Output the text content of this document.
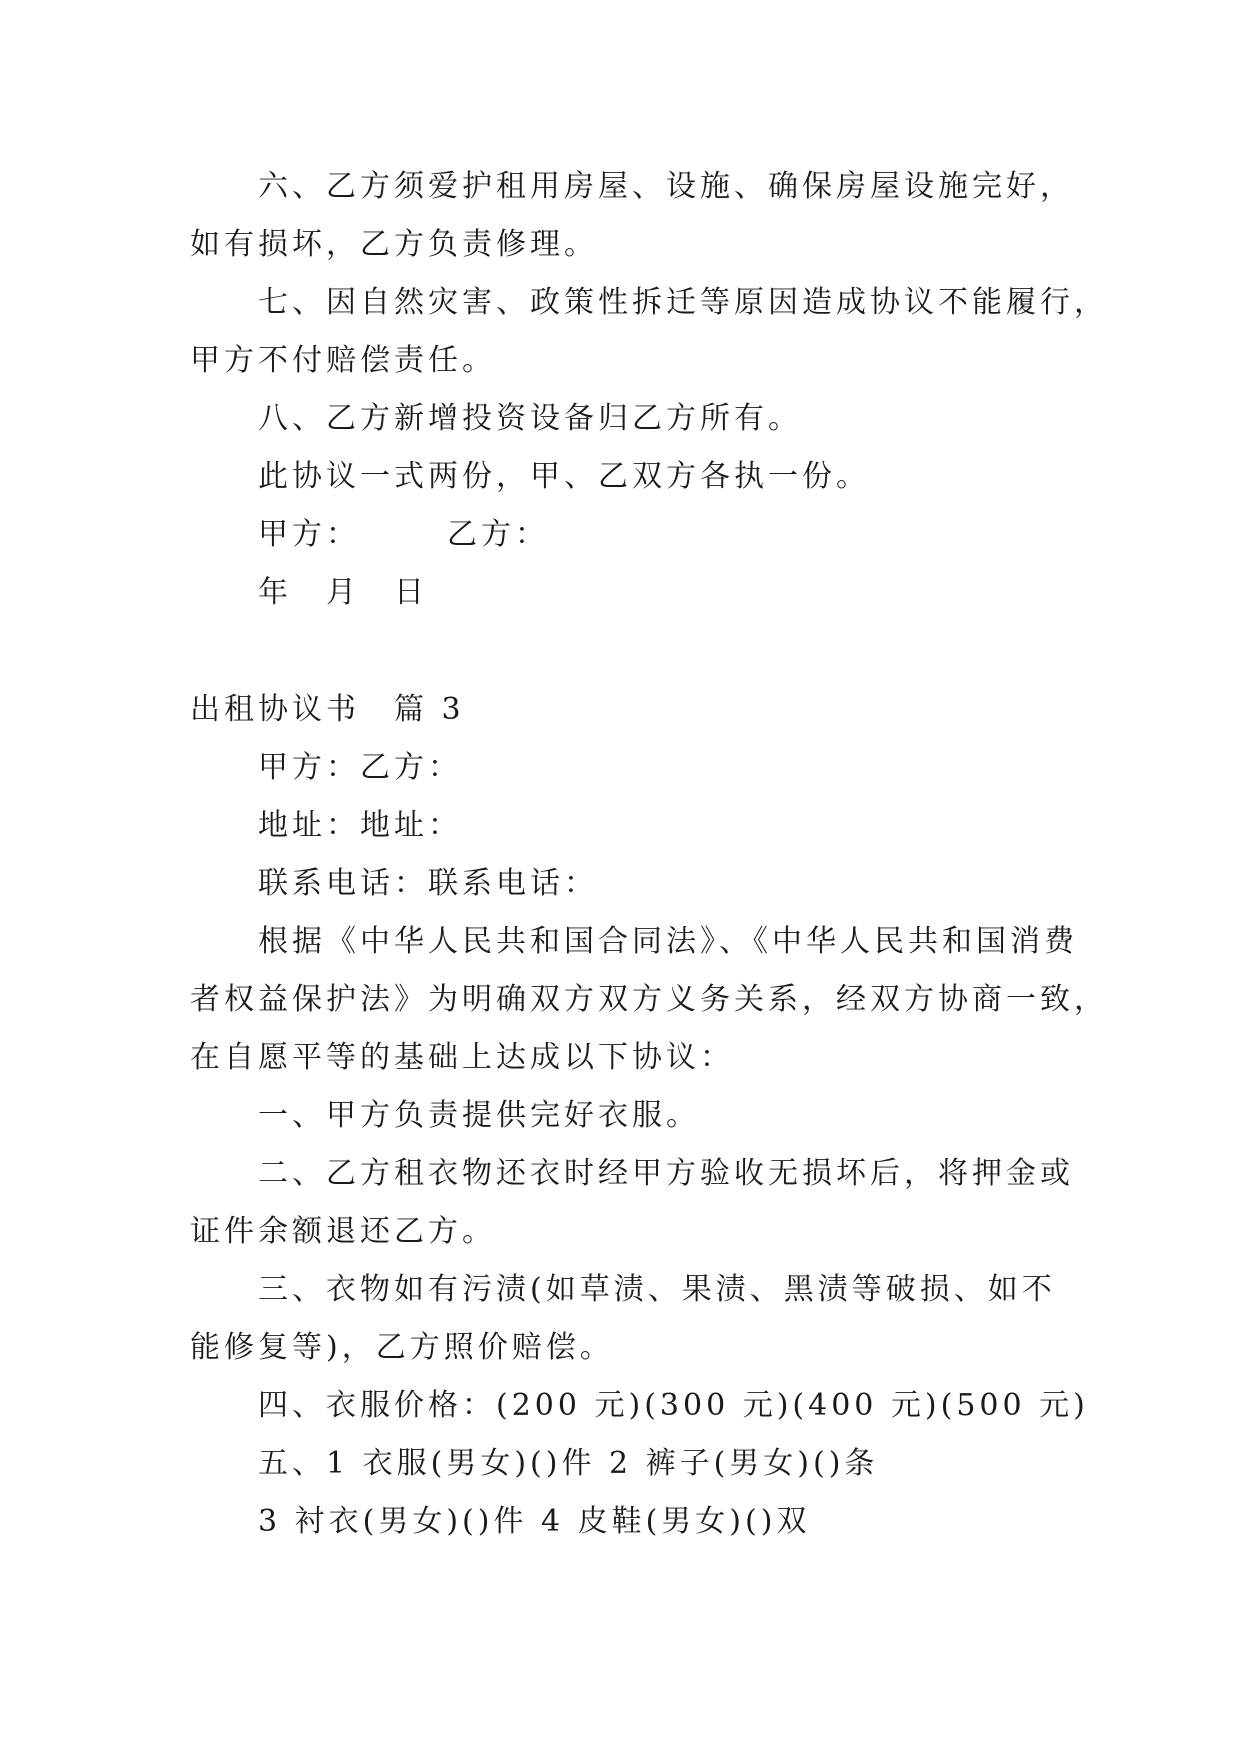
六、乙方须爱护租用房屋、设施、确保房屋设施完好，
如有损坏，乙方负责修理。
七、因自然灾害、政策性拆迁等原因造成协议不能履行，
甲方不付赔偿责任。
八、乙方新增投资设备归乙方所有。
此协议一式两份，甲、乙双方各执一份。
甲方：　　　乙方：
年　月　日
出租协议书　篇 3
甲方：乙方：
地址：地址：
联系电话：联系电话：
根据《中华人民共和国合同法》、《中华人民共和国消费
者权益保护法》为明确双方双方义务关系，经双方协商一致，
在自愿平等的基础上达成以下协议：
一、甲方负责提供完好衣服。
二、乙方租衣物还衣时经甲方验收无损坏后，将押金或
证件余额退还乙方。
三、衣物如有污渍(如草渍、果渍、黑渍等破损、如不
能修复等)，乙方照价赔偿。
四、衣服价格：(200 元)(300 元)(400 元)(500 元)
五、1 衣服(男女)()件 2 裤子(男女)()条
3 衬衣(男女)()件 4 皮鞋(男女)()双
